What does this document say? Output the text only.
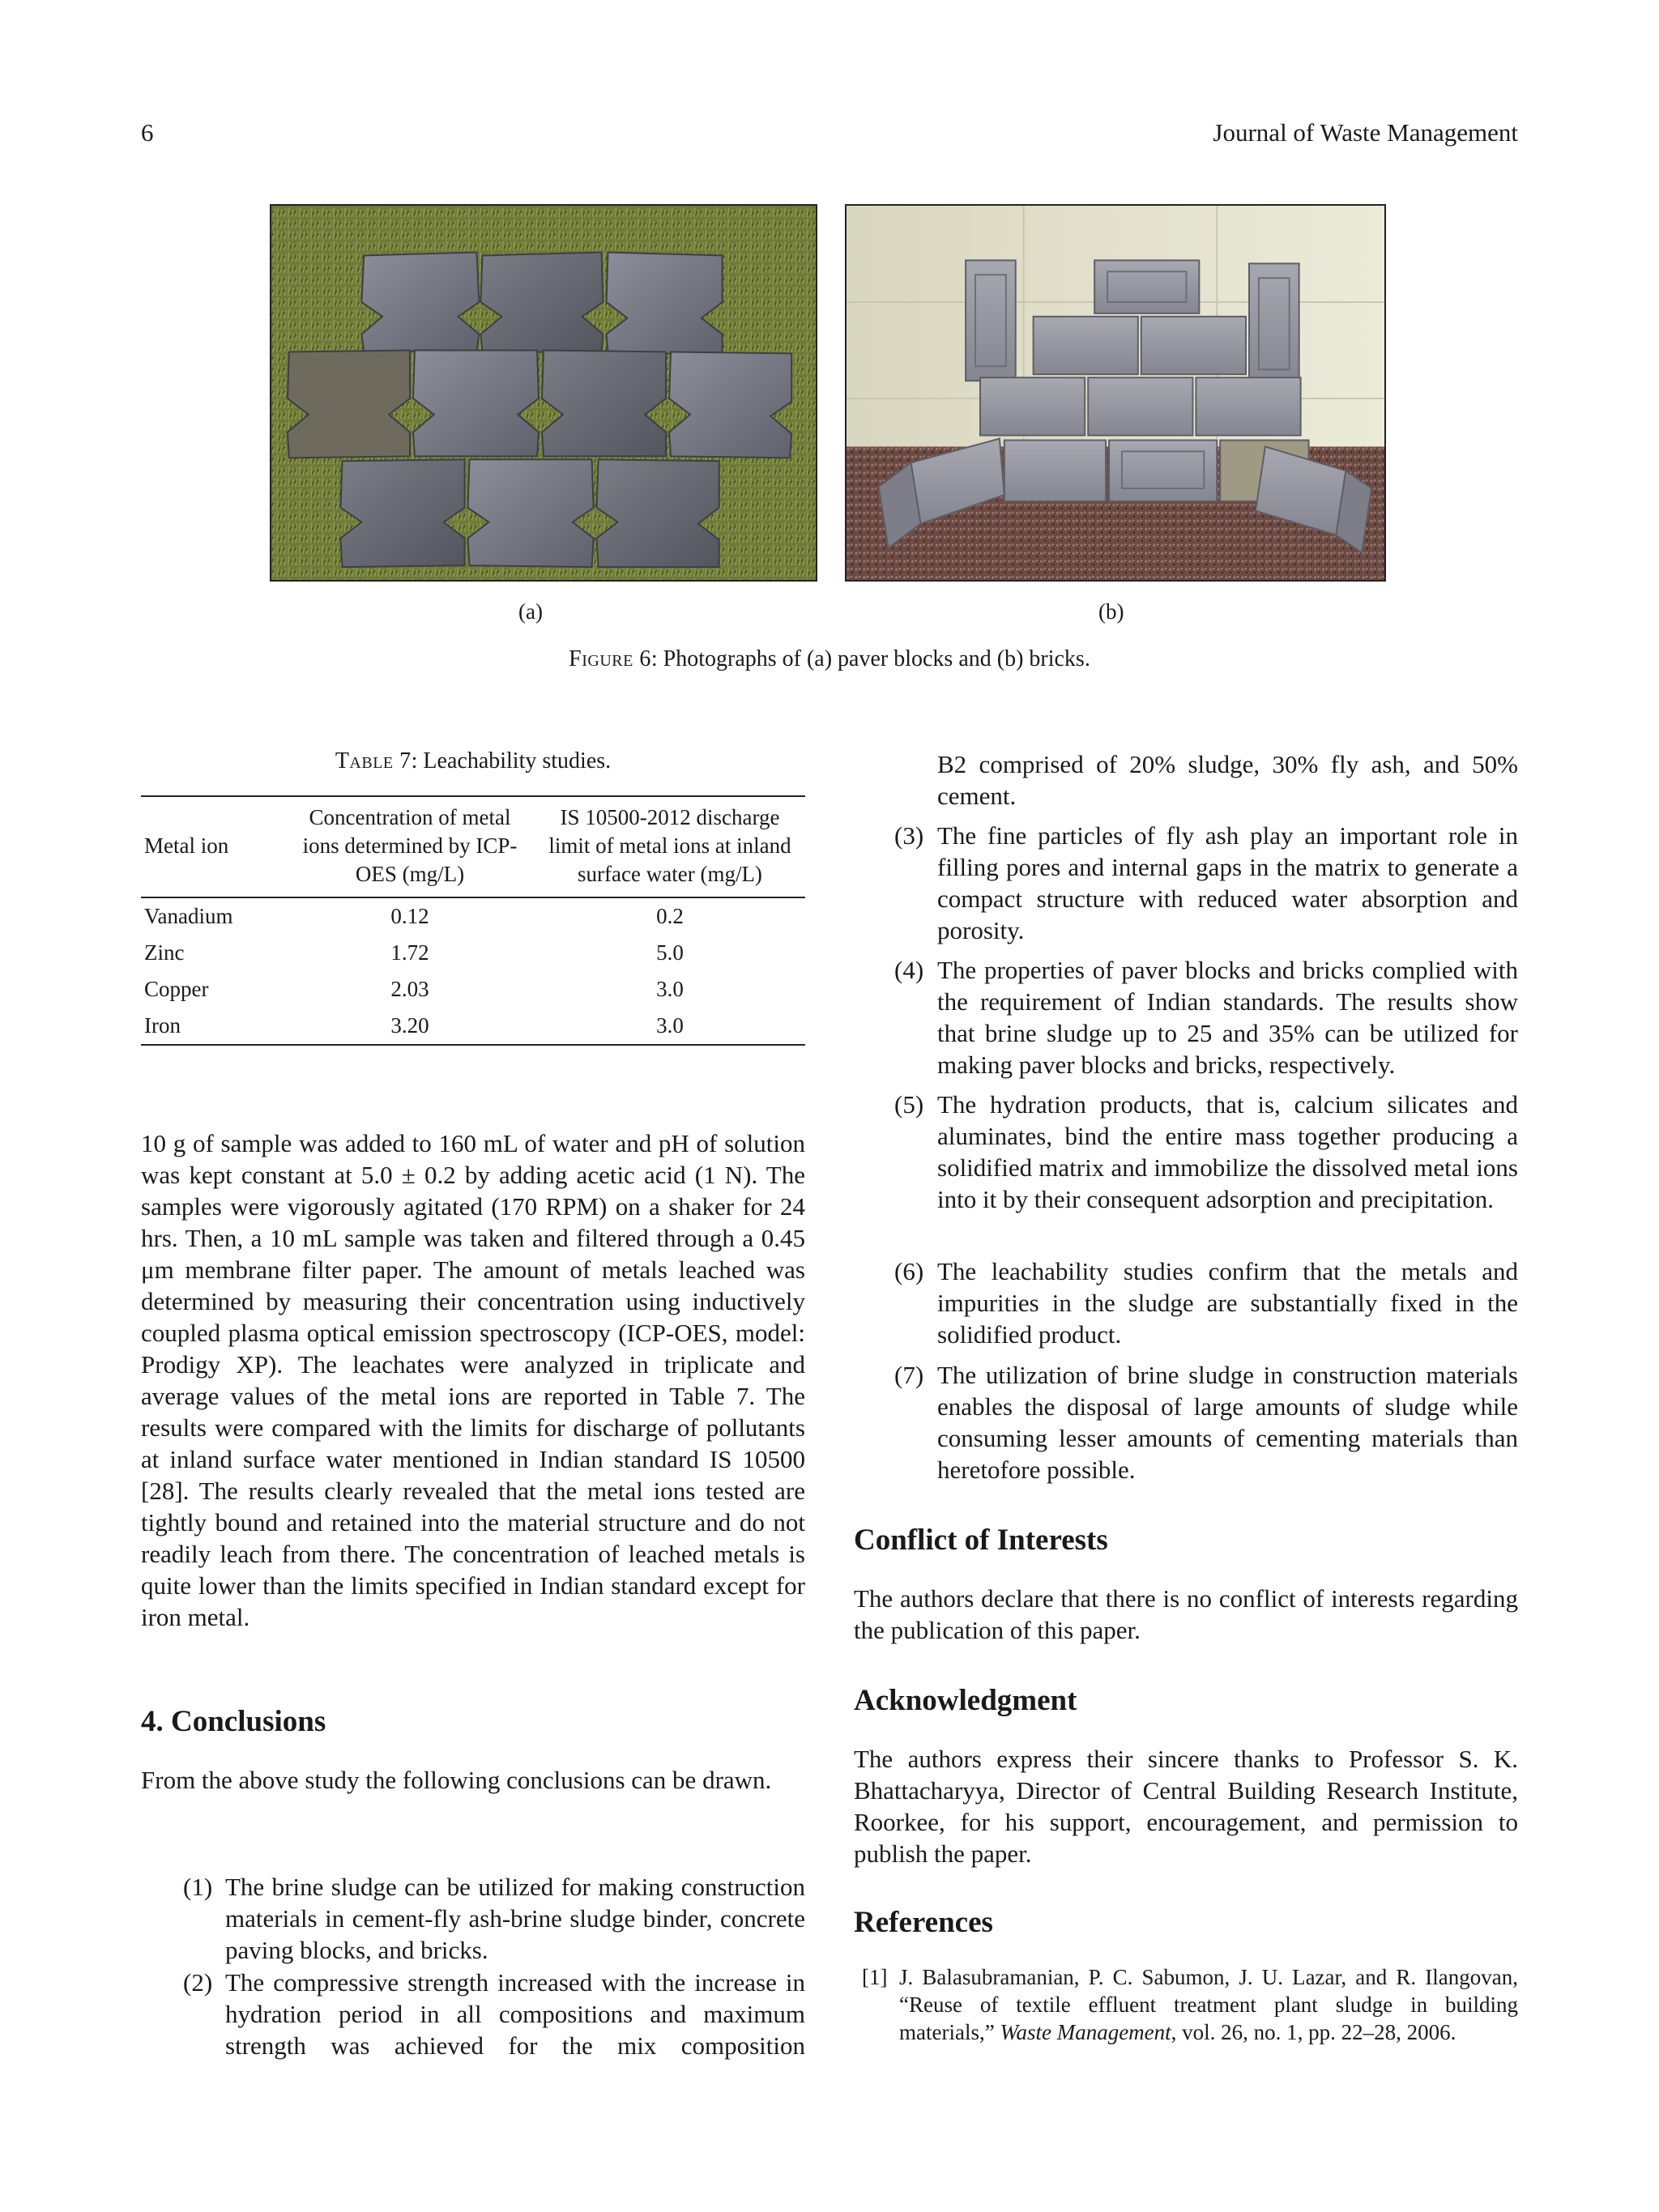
6	Journal of Waste Management
(a)	(b)
Figure 6: Photographs of (a) paver blocks and (b) bricks.
Table 7: Leachability studies.
Metal ion	Concentration of metal ions determined by ICP-OES (mg/L)	IS 10500-2012 discharge limit of metal ions at inland surface water (mg/L)
Vanadium	0.12	0.2
Zinc	1.72	5.0
Copper	2.03	3.0
Iron	3.20	3.0

10 g of sample was added to 160 mL of water and pH of solution was kept constant at 5.0 ± 0.2 by adding acetic acid (1 N). The samples were vigorously agitated (170 RPM) on a shaker for 24 hrs. Then, a 10 mL sample was taken and filtered through a 0.45 μm membrane filter paper. The amount of metals leached was determined by measuring their concentration using inductively coupled plasma optical emission spectroscopy (ICP-OES, model: Prodigy XP). The leachates were analyzed in triplicate and average values of the metal ions are reported in Table 7. The results were compared with the limits for discharge of pollutants at inland surface water mentioned in Indian standard IS 10500 [28]. The results clearly revealed that the metal ions tested are tightly bound and retained into the material structure and do not readily leach from there. The concentration of leached metals is quite lower than the limits specified in Indian standard except for iron metal.

4. Conclusions

From the above study the following conclusions can be drawn.

(1) The brine sludge can be utilized for making construction materials in cement-fly ash-brine sludge binder, concrete paving blocks, and bricks.
(2) The compressive strength increased with the increase in hydration period in all compositions and maximum strength was achieved for the mix composition
B2 comprised of 20% sludge, 30% fly ash, and 50% cement.
(3) The fine particles of fly ash play an important role in filling pores and internal gaps in the matrix to generate a compact structure with reduced water absorption and porosity.
(4) The properties of paver blocks and bricks complied with the requirement of Indian standards. The results show that brine sludge up to 25 and 35% can be utilized for making paver blocks and bricks, respectively.
(5) The hydration products, that is, calcium silicates and aluminates, bind the entire mass together producing a solidified matrix and immobilize the dissolved metal ions into it by their consequent adsorption and precipitation.
(6) The leachability studies confirm that the metals and impurities in the sludge are substantially fixed in the solidified product.
(7) The utilization of brine sludge in construction materials enables the disposal of large amounts of sludge while consuming lesser amounts of cementing materials than heretofore possible.
Conflict of Interests

The authors declare that there is no conflict of interests regarding the publication of this paper.

Acknowledgment

The authors express their sincere thanks to Professor S. K. Bhattacharyya, Director of Central Building Research Institute, Roorkee, for his support, encouragement, and permission to publish the paper.

References
[1] J. Balasubramanian, P. C. Sabumon, J. U. Lazar, and R. Ilangovan, “Reuse of textile effluent treatment plant sludge in building materials,” Waste Management, vol. 26, no. 1, pp. 22–28, 2006.
